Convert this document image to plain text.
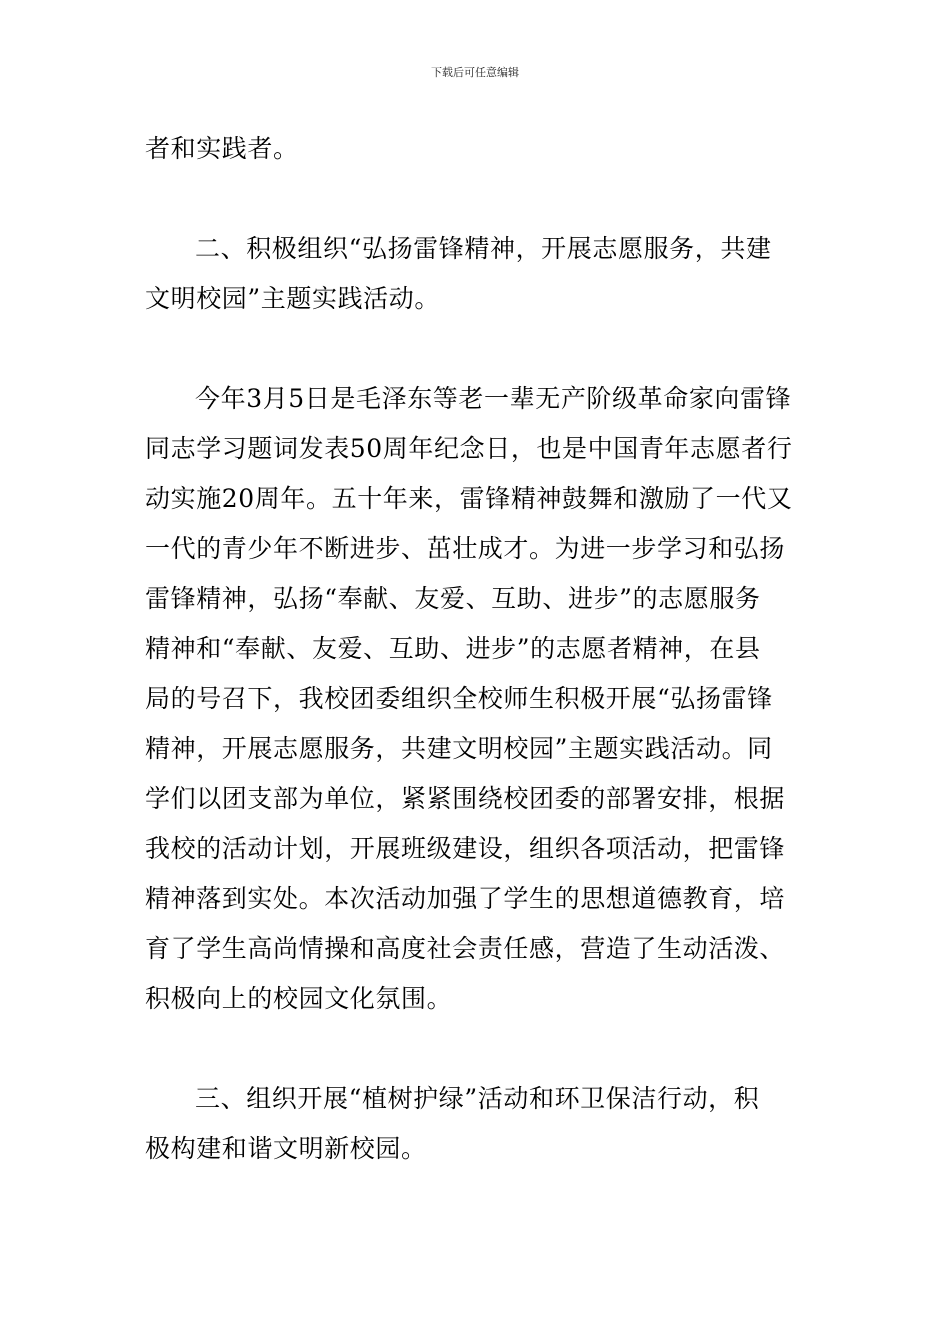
下载后可任意编辑
者和实践者。
二、积极组织“弘扬雷锋精神，开展志愿服务，共建
文明校园”主题实践活动。
今年3月5日是毛泽东等老一辈无产阶级革命家向雷锋
同志学习题词发表50周年纪念日，也是中国青年志愿者行
动实施20周年。五十年来，雷锋精神鼓舞和激励了一代又
一代的青少年不断进步、茁壮成才。为进一步学习和弘扬
雷锋精神，弘扬“奉献、友爱、互助、进步”的志愿服务
精神和“奉献、友爱、互助、进步”的志愿者精神，在县
局的号召下，我校团委组织全校师生积极开展“弘扬雷锋
精神，开展志愿服务，共建文明校园”主题实践活动。同
学们以团支部为单位，紧紧围绕校团委的部署安排，根据
我校的活动计划，开展班级建设，组织各项活动，把雷锋
精神落到实处。本次活动加强了学生的思想道德教育，培
育了学生高尚情操和高度社会责任感，营造了生动活泼、
积极向上的校园文化氛围。
三、组织开展“植树护绿”活动和环卫保洁行动，积
极构建和谐文明新校园。
